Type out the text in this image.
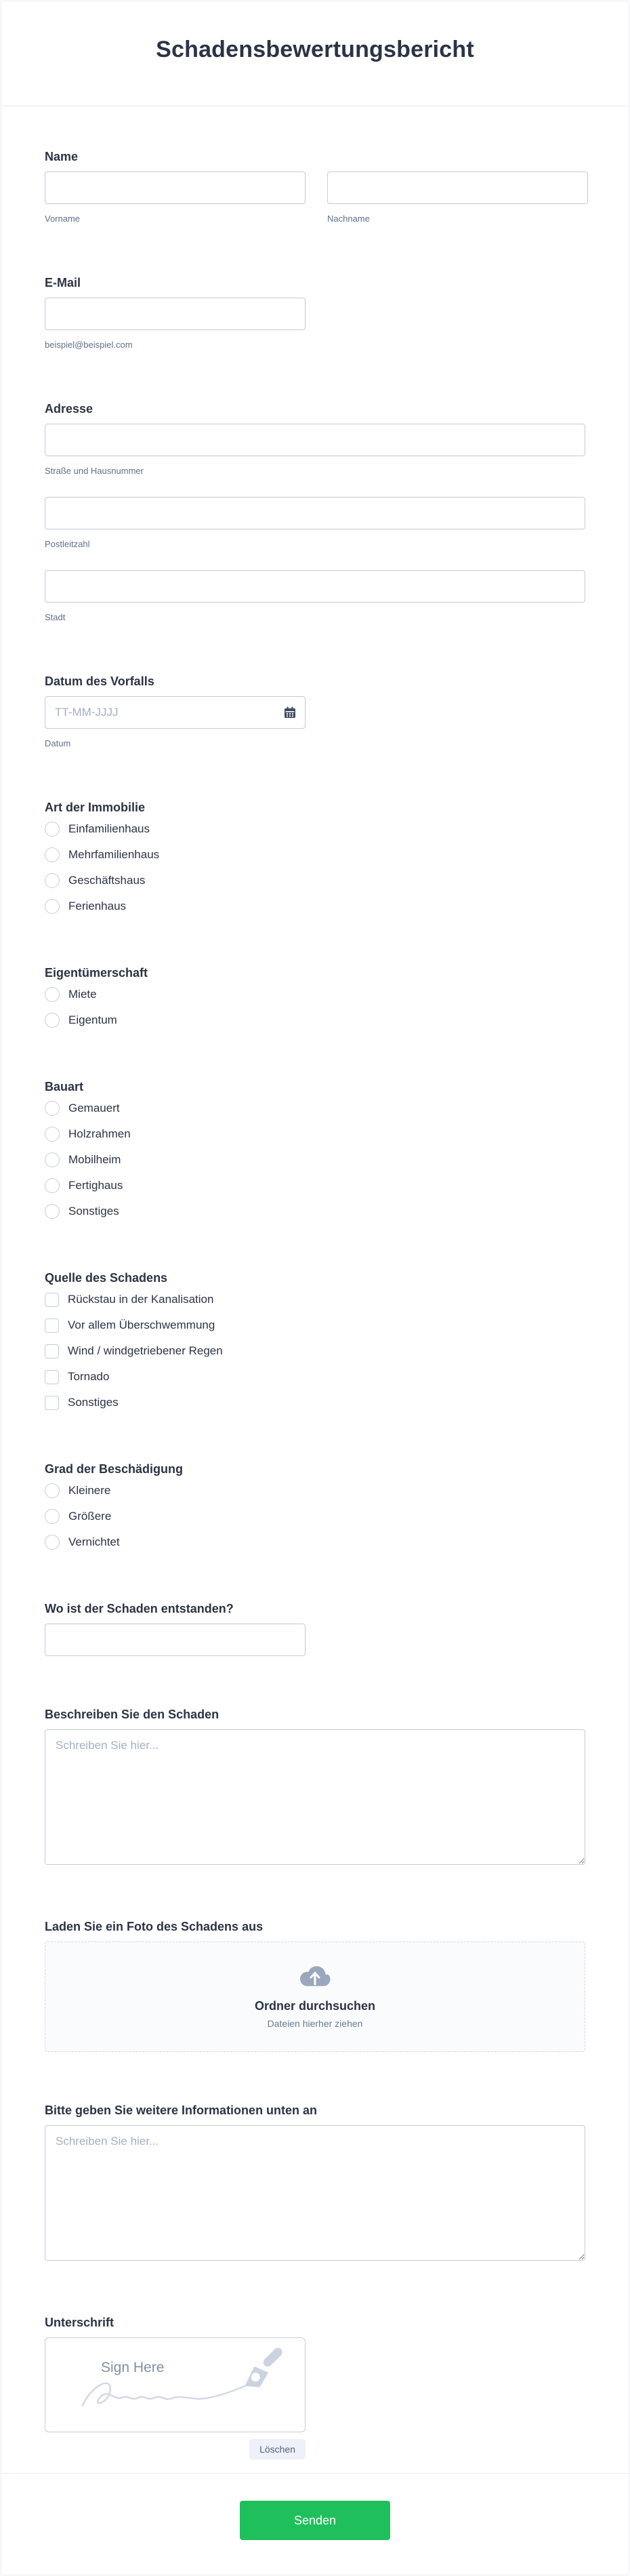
Schadensbewertungsbericht
Name
Vorname	Nachname
E-Mail
beispiel@beispiel.com
Adresse
Straße und Hausnummer
Postleitzahl
Stadt
Datum des Vorfalls
TT-MM-JJJJ
Datum
Art der Immobilie
Einfamilienhaus
Mehrfamilienhaus
Geschäftshaus
Ferienhaus
Eigentümerschaft
Miete
Eigentum
Bauart
Gemauert
Holzrahmen
Mobilheim
Fertighaus
Sonstiges
Quelle des Schadens
Rückstau in der Kanalisation
Vor allem Überschwemmung
Wind / windgetriebener Regen
Tornado
Sonstiges
Grad der Beschädigung
Kleinere
Größere
Vernichtet
Wo ist der Schaden entstanden?
Beschreiben Sie den Schaden
Schreiben Sie hier...
Laden Sie ein Foto des Schadens aus
Ordner durchsuchen
Dateien hierher ziehen
Bitte geben Sie weitere Informationen unten an
Schreiben Sie hier...
Unterschrift
Sign Here
Löschen
Senden
